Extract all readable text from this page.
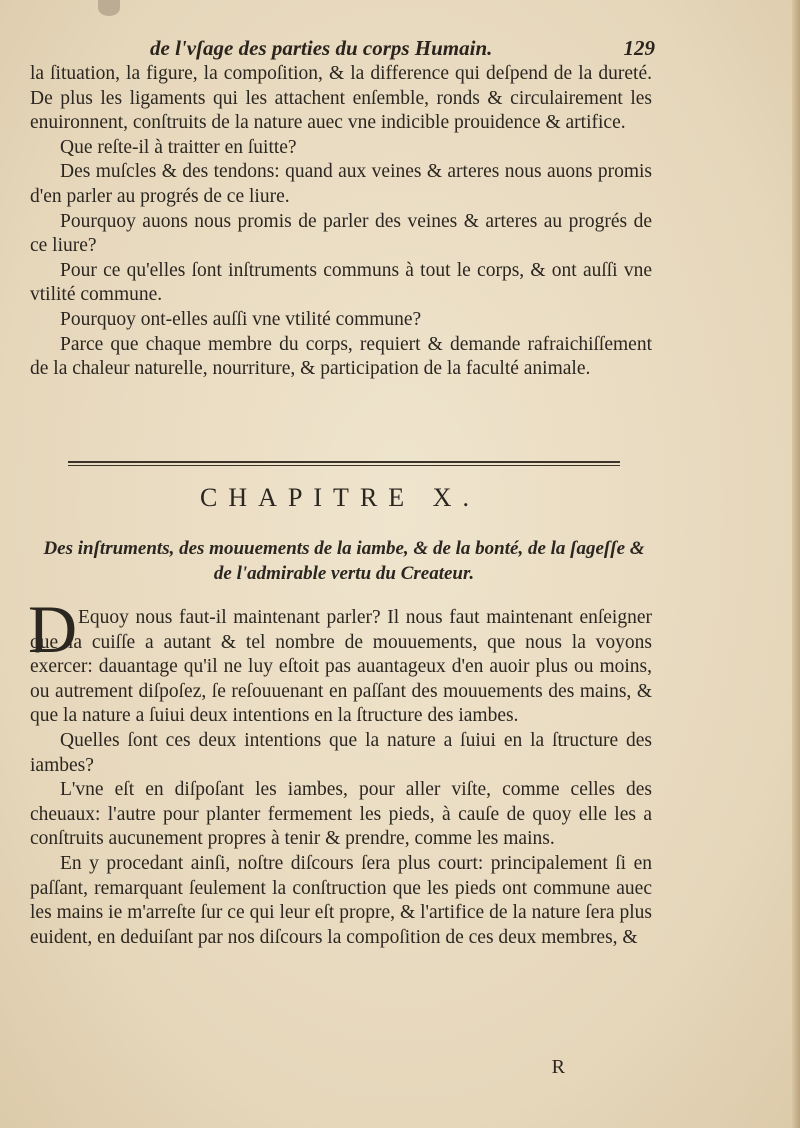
de l'vſage des parties du corps Humain.	129

la ſituation, la figure, la compoſition, & la difference qui deſpend de la dureté. De plus les ligaments qui les attachent enſemble, ronds & circulairement les enuironnent, conſtruits de la nature auec vne indicible prouidence & artifice.

Que reſte-il à traitter en ſuitte?

Des muſcles & des tendons: quand aux veines & arteres nous auons promis d'en parler au progrés de ce liure.

Pourquoy auons nous promis de parler des veines & arteres au progrés de ce liure?

Pour ce qu'elles ſont inſtruments communs à tout le corps, & ont auſſi vne vtilité commune.

Pourquoy ont-elles auſſi vne vtilité commune?

Parce que chaque membre du corps, requiert & demande rafraichiſſement de la chaleur naturelle, nourriture, & participation de la faculté animale.

CHAPITRE X.
Des inſtruments, des mouuements de la iambe, & de la bonté, de la ſageſſe & de l'admirable vertu du Createur.
D Equoy nous faut-il maintenant parler? Il nous faut maintenant enſeigner que la cuiſſe a autant & tel nombre de mouuements, que nous la voyons exercer: dauantage qu'il ne luy eſtoit pas auantageux d'en auoir plus ou moins, ou autrement diſpoſez, ſe reſouuenant en paſſant des mouuements des mains, & que la nature a ſuiui deux intentions en la ſtructure des iambes.

Quelles ſont ces deux intentions que la nature a ſuiui en la ſtructure des iambes?

L'vne eſt en diſpoſant les iambes, pour aller viſte, comme celles des cheuaux: l'autre pour planter fermement les pieds, à cauſe de quoy elle les a conſtruits aucunement propres à tenir & prendre, comme les mains.

En y procedant ainſi, noſtre diſcours ſera plus court: principalement ſi en paſſant, remarquant ſeulement la conſtruction que les pieds ont commune auec les mains ie m'arreſte ſur ce qui leur eſt propre, & l'artifice de la nature ſera plus euident, en deduiſant par nos diſcours la compoſition de ces deux membres, &

R
